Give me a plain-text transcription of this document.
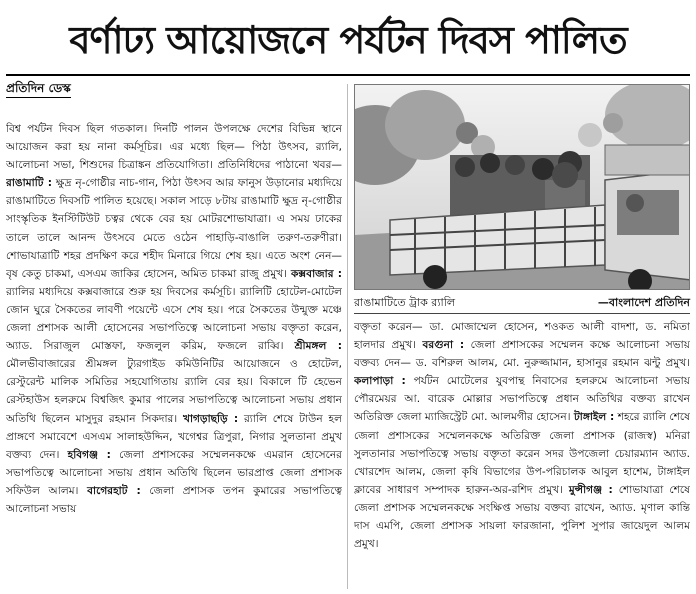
বর্ণাঢ্য আয়োজনে পর্যটন দিবস পালিত
প্রতিদিন ডেস্ক
বিশ্ব পর্যটন দিবস ছিল গতকাল। দিনটি পালন উপলক্ষে দেশের বিভিন্ন স্থানে আয়োজন করা হয় নানা কর্মসূচির। এর মধ্যে ছিল— পিঠা উৎসব, র‍্যালি, আলোচনা সভা, শিশুদের চিত্রাঙ্কন প্রতিযোগিতা। প্রতিনিধিদের পাঠানো খবর— রাঙামাটি : ক্ষুদ্র নৃ-গোষ্ঠীর নাচ-গান, পিঠা উৎসব আর ফানুস উড়ানোর মধ্যদিয়ে রাঙামাটিতে দিবসটি পালিত হয়েছে। সকাল সাড়ে ৮টায় রাঙামাটি ক্ষুদ্র নৃ-গোষ্ঠীর সাংস্কৃতিক ইনস্টিটিউট চত্বর থেকে বের হয় মোটরশোভাযাত্রা। এ সময় ঢাকের তালে তালে আনন্দ উৎসবে মেতে ওঠেন পাহাড়ি-বাঙালি তরুণ-তরুণীরা। শোভাযাত্রাটি শহর প্রদক্ষিণ করে শহীদ মিনারে গিয়ে শেষ হয়। এতে অংশ নেন— বৃষ কেতু চাকমা, এসএম জাকির হোসেন, অমিত চাকমা রাজু প্রমুখ। কক্সবাজার : র‍্যালির মধ্যদিয়ে কক্সবাজারে শুরু হয় দিবসের কর্মসূচি। র‍্যালিটি হোটেল-মোটেল জোন ঘুরে সৈকতের লাবণী পয়েন্টে এসে শেষ হয়। পরে সৈকতের উন্মুক্ত মঞ্চে জেলা প্রশাসক আলী হোসেনের সভাপতিত্বে আলোচনা সভায় বক্তৃতা করেন, অ্যাড. সিরাজুল মোস্তফা, ফজলুল করিম, ফজলে রাব্বি। শ্রীমঙ্গল : মৌলভীবাজারের শ্রীমঙ্গল ট্যুরগাইড কমিউনিটির আয়োজনে ও হোটেল, রেস্টুরেন্ট মালিক সমিতির সহযোগিতায় র‍্যালি বের হয়। বিকালে টি হেভেন রেস্টহাউস হলরুমে বিশ্বজিৎ কুমার পালের সভাপতিত্বে আলোচনা সভায় প্রধান অতিথি ছিলেন মাসুদুর রহমান সিকদার। খাগড়াছড়ি : র‍্যালি শেষে টাউন হল প্রাঙ্গণে সমাবেশে এসএম সালাহউদ্দিন, খগেশ্বর ত্রিপুরা, নিগার সুলতানা প্রমুখ বক্তব্য দেন। হবিগঞ্জ : জেলা প্রশাসকের সম্মেলনকক্ষে এমরান হোসেনের সভাপতিত্বে আলোচনা সভায় প্রধান অতিথি ছিলেন ভারপ্রাপ্ত জেলা প্রশাসক সফিউল আলম। বাগেরহাট : জেলা প্রশাসক তপন কুমারের সভাপতিত্বে আলোচনা সভায়
রাঙামাটিতে ট্রাক র‍্যালি	—বাংলাদেশ প্রতিদিন
বক্তৃতা করেন— ডা. মোজাম্মেল হোসেন, শওকত আলী বাদশা, ড. নমিতা হালদার প্রমুখ। বরগুনা : জেলা প্রশাসকের সম্মেলন কক্ষে আলোচনা সভায় বক্তব্য দেন— ড. বশিরুল আলম, মো. নুরুজ্জামান, হাসানুর রহমান ঝন্টু প্রমুখ। কলাপাড়া : পর্যটন মোটেলের যুবপান্থ নিবাসের হলরুমে আলোচনা সভায় পৌরমেয়র আ. বারেক মোল্লার সভাপতিত্বে প্রধান অতিথির বক্তব্য রাখেন অতিরিক্ত জেলা ম্যাজিস্ট্রেট মো. আলমগীর হোসেন। টাঙ্গাইল : শহরে র‍্যালি শেষে জেলা প্রশাসকের সম্মেলনকক্ষে অতিরিক্ত জেলা প্রশাসক (রাজস্ব) মনিরা সুলতানার সভাপতিত্বে সভায় বক্তৃতা করেন সদর উপজেলা চেয়ারম্যান অ্যাড. খোরশেদ আলম, জেলা কৃষি বিভাগের উপ-পরিচালক আবুল হাশেম, টাঙ্গাইল ক্লাবের সাধারণ সম্পাদক হারুন-অর-রশিদ প্রমুখ। মুন্সীগঞ্জ : শোভাযাত্রা শেষে জেলা প্রশাসক সম্মেলনকক্ষে সংক্ষিপ্ত সভায় বক্তব্য রাখেন, অ্যাড. মৃণাল কান্তি দাস এমপি, জেলা প্রশাসক সায়লা ফারজানা, পুলিশ সুপার জায়েদুল আলম প্রমুখ।
